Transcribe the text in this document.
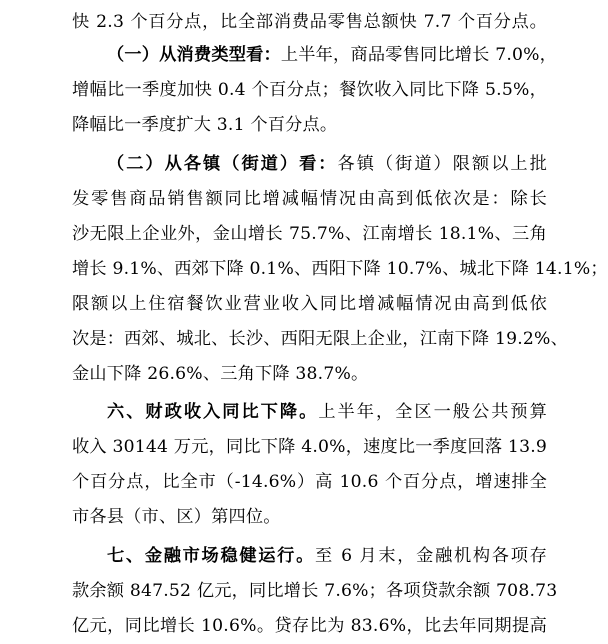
快 2.3 个百分点，比全部消费品零售总额快 7.7 个百分点。
（一）从消费类型看：上半年，商品零售同比增长 7.0%，
增幅比一季度加快 0.4 个百分点；餐饮收入同比下降 5.5%，
降幅比一季度扩大 3.1 个百分点。
（二）从各镇（街道）看：各镇（街道）限额以上批
发零售商品销售额同比增减幅情况由高到低依次是：除长
沙无限上企业外，金山增长 75.7%、江南增长 18.1%、三角
增长 9.1%、西郊下降 0.1%、西阳下降 10.7%、城北下降 14.1%；
限额以上住宿餐饮业营业收入同比增减幅情况由高到低依
次是：西郊、城北、长沙、西阳无限上企业，江南下降 19.2%、
金山下降 26.6%、三角下降 38.7%。
六、财政收入同比下降。上半年，全区一般公共预算
收入 30144 万元，同比下降 4.0%，速度比一季度回落 13.9
个百分点，比全市（-14.6%）高 10.6 个百分点，增速排全
市各县（市、区）第四位。
七、金融市场稳健运行。至 6 月末，金融机构各项存
款余额 847.52 亿元，同比增长 7.6%；各项贷款余额 708.73
亿元，同比增长 10.6%。贷存比为 83.6%，比去年同期提高
